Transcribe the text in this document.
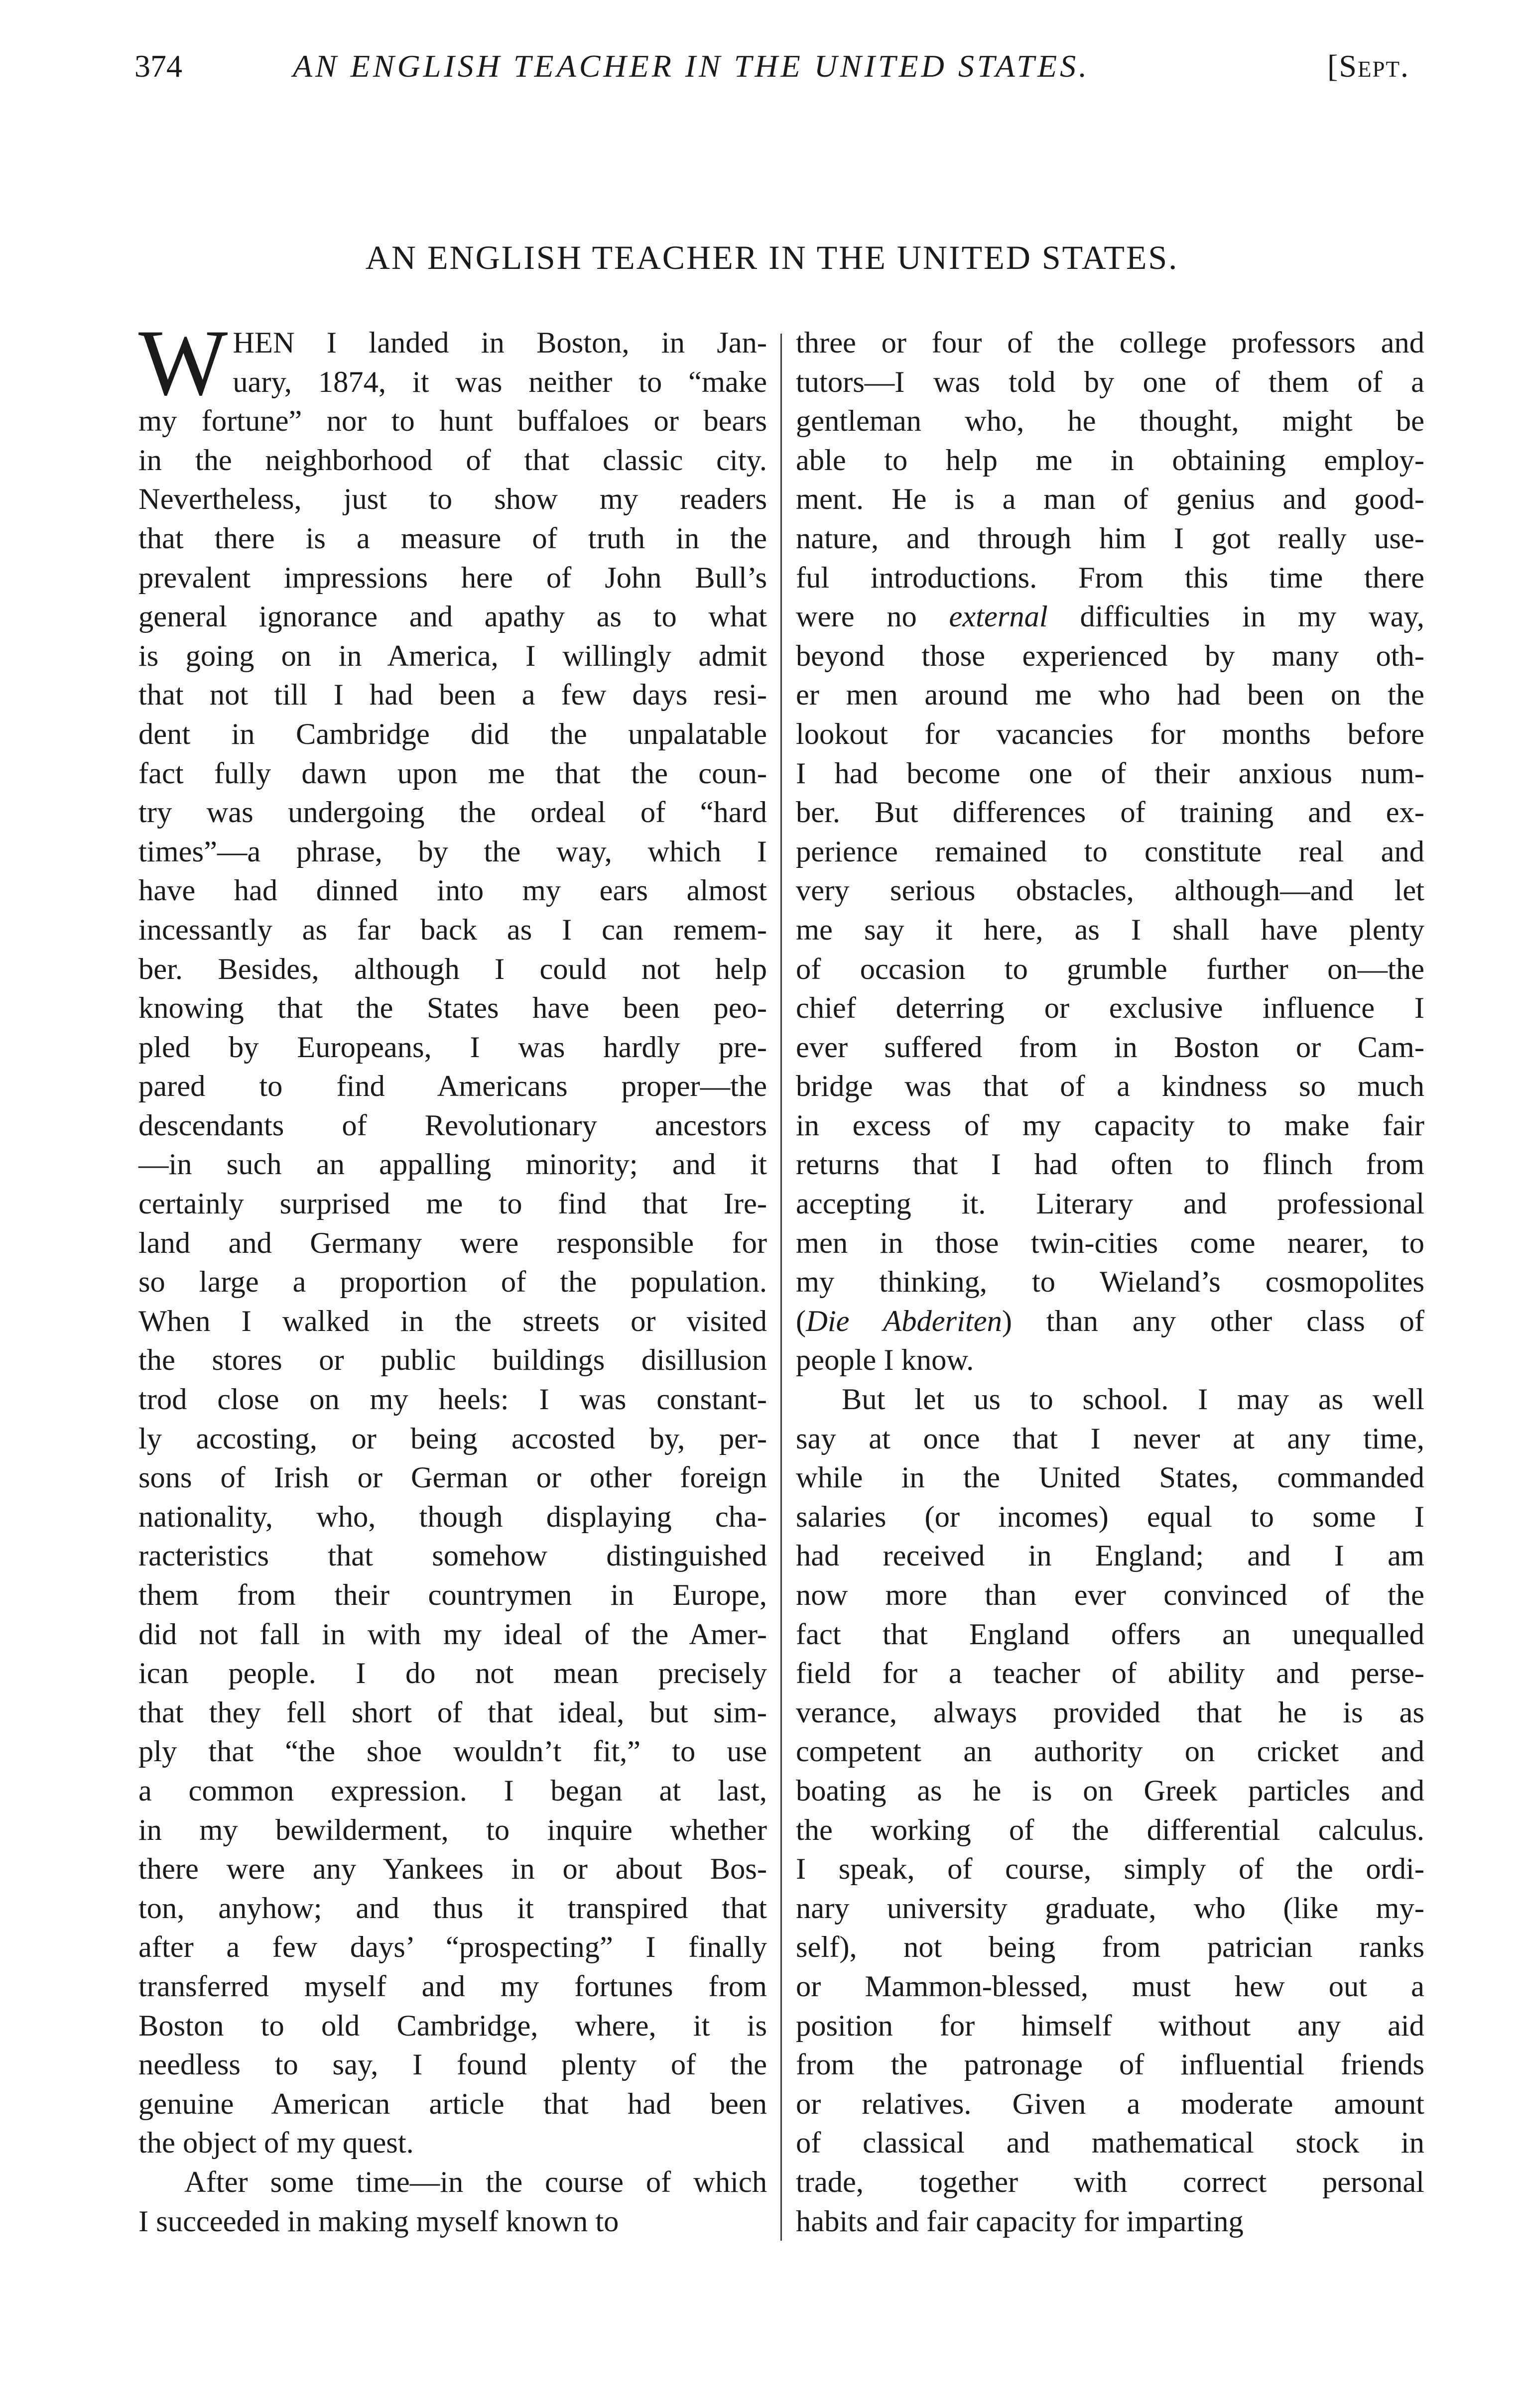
374	AN ENGLISH TEACHER IN THE UNITED STATES.	[Sept.
AN ENGLISH TEACHER IN THE UNITED STATES.

WHEN I landed in Boston, in Jan-
uary, 1874, it was neither to “make

my fortune” nor to hunt buffaloes or bears
in the neighborhood of that classic city.
Nevertheless, just to show my readers
that there is a measure of truth in the
prevalent impressions here of John Bull’s
general ignorance and apathy as to what
is going on in America, I willingly admit
that not till I had been a few days resi-
dent in Cambridge did the unpalatable
fact fully dawn upon me that the coun-
try was undergoing the ordeal of “hard
times”—a phrase, by the way, which I
have had dinned into my ears almost
incessantly as far back as I can remem-
ber. Besides, although I could not help
knowing that the States have been peo-
pled by Europeans, I was hardly pre-
pared to find Americans proper—the
descendants of Revolutionary ancestors
—in such an appalling minority; and it
certainly surprised me to find that Ire-
land and Germany were responsible for
so large a proportion of the population.
When I walked in the streets or visited
the stores or public buildings disillusion
trod close on my heels: I was constant-
ly accosting, or being accosted by, per-
sons of Irish or German or other foreign
nationality, who, though displaying cha-
racteristics that somehow distinguished
them from their countrymen in Europe,
did not fall in with my ideal of the Amer-
ican people. I do not mean precisely
that they fell short of that ideal, but sim-
ply that “the shoe wouldn’t fit,” to use
a common expression. I began at last,
in my bewilderment, to inquire whether
there were any Yankees in or about Bos-
ton, anyhow; and thus it transpired that
after a few days’ “prospecting” I finally
transferred myself and my fortunes from
Boston to old Cambridge, where, it is
needless to say, I found plenty of the
genuine American article that had been
the object of my quest.
After some time—in the course of which
I succeeded in making myself known to
three or four of the college professors and
tutors—I was told by one of them of a
gentleman who, he thought, might be
able to help me in obtaining employ-
ment. He is a man of genius and good-
nature, and through him I got really use-
ful introductions. From this time there
were no external difficulties in my way,
beyond those experienced by many oth-
er men around me who had been on the
lookout for vacancies for months before
I had become one of their anxious num-
ber. But differences of training and ex-
perience remained to constitute real and
very serious obstacles, although—and let
me say it here, as I shall have plenty
of occasion to grumble further on—the
chief deterring or exclusive influence I
ever suffered from in Boston or Cam-
bridge was that of a kindness so much
in excess of my capacity to make fair
returns that I had often to flinch from
accepting it. Literary and professional
men in those twin-cities come nearer, to
my thinking, to Wieland’s cosmopolites
(Die Abderiten) than any other class of
people I know.
But let us to school. I may as well
say at once that I never at any time,
while in the United States, commanded
salaries (or incomes) equal to some I
had received in England; and I am
now more than ever convinced of the
fact that England offers an unequalled
field for a teacher of ability and perse-
verance, always provided that he is as
competent an authority on cricket and
boating as he is on Greek particles and
the working of the differential calculus.
I speak, of course, simply of the ordi-
nary university graduate, who (like my-
self), not being from patrician ranks
or Mammon-blessed, must hew out a
position for himself without any aid
from the patronage of influential friends
or relatives. Given a moderate amount
of classical and mathematical stock in
trade, together with correct personal
habits and fair capacity for imparting
